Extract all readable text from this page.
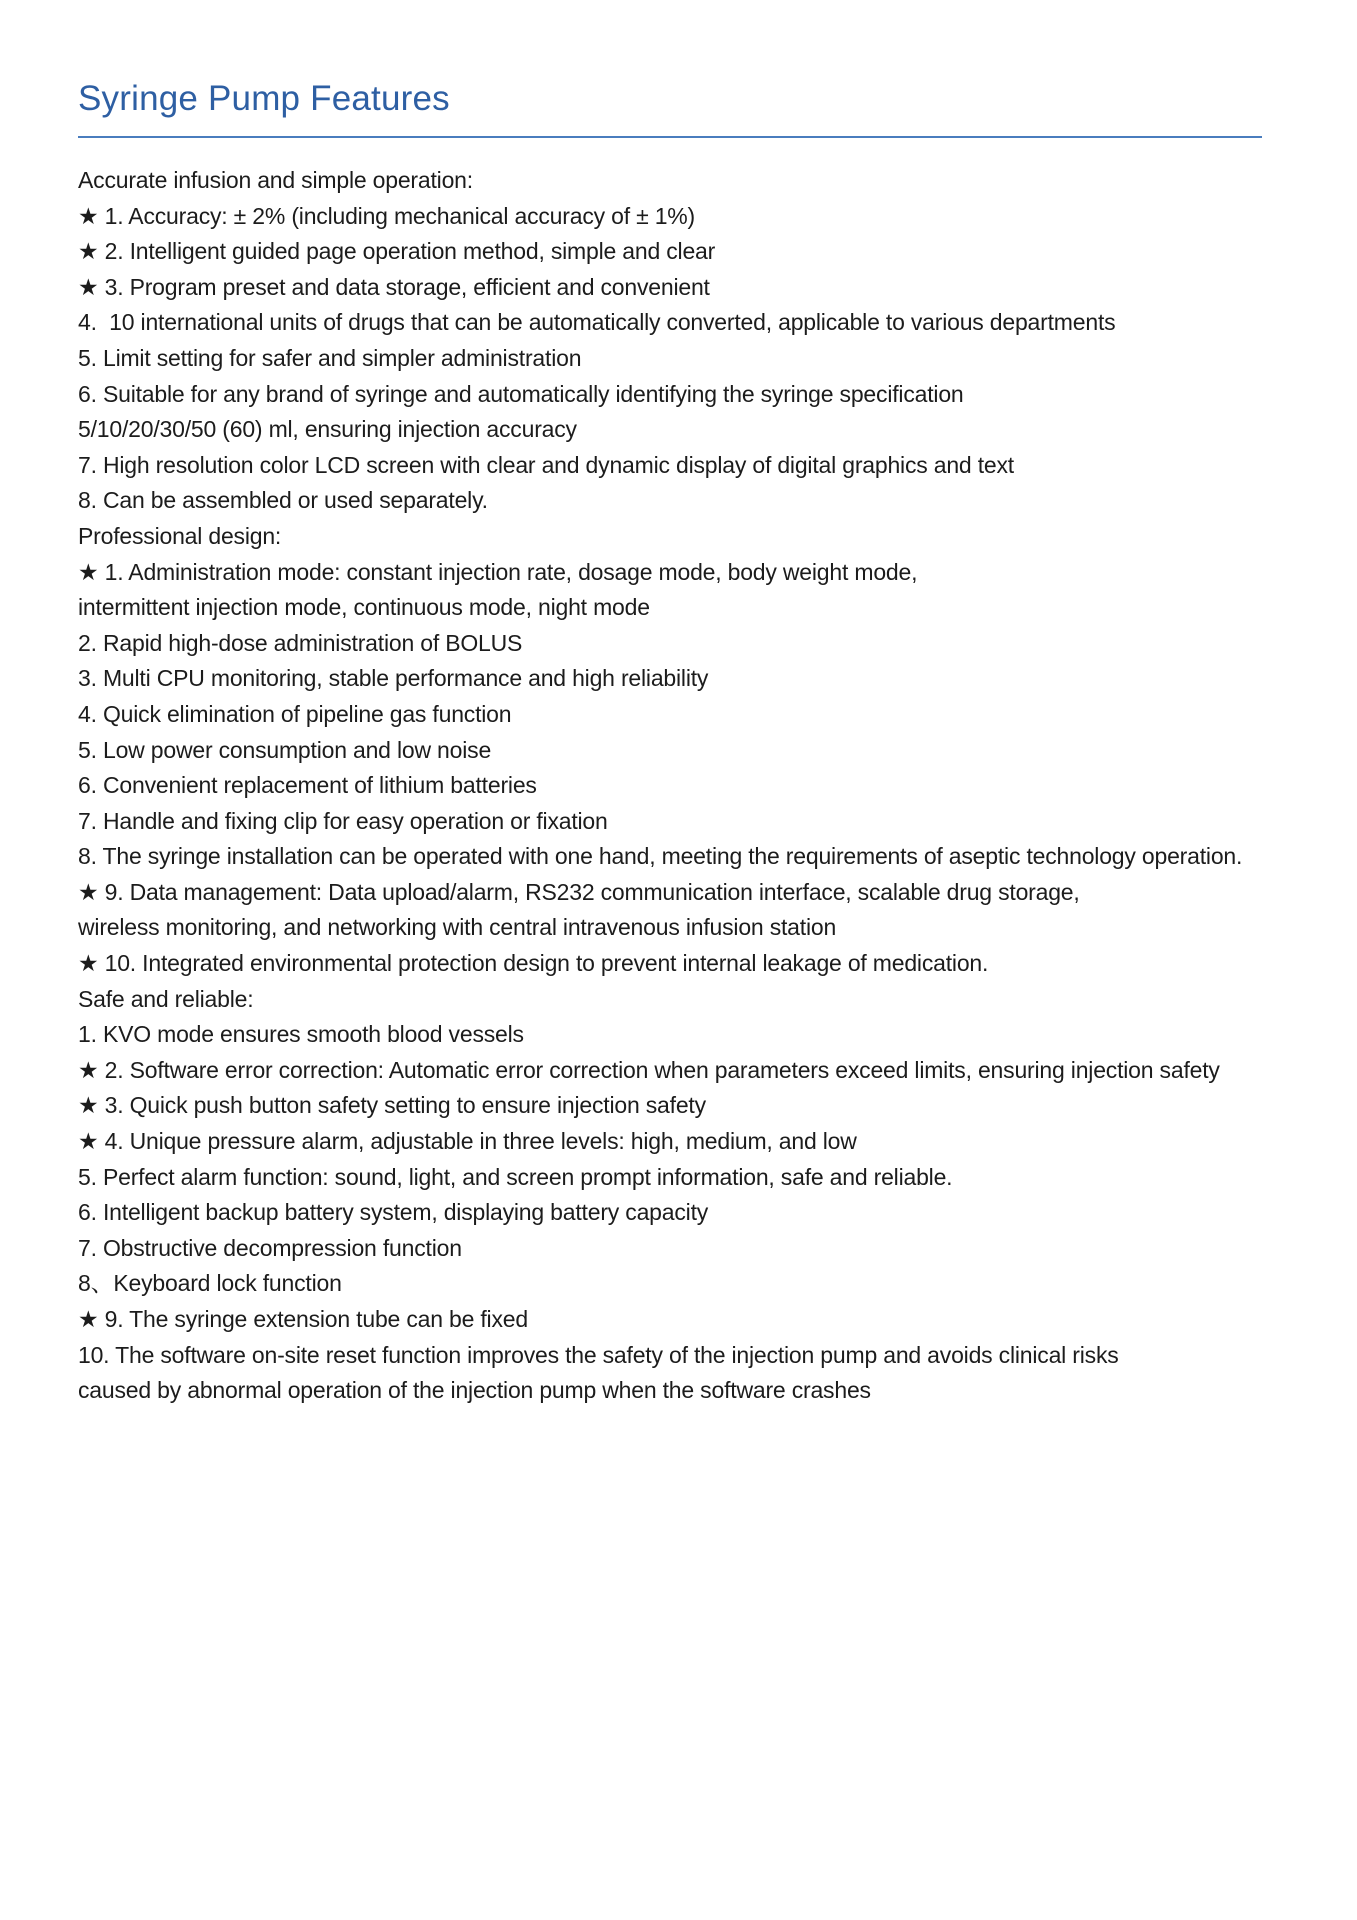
Syringe Pump Features

Accurate infusion and simple operation:

★ 1. Accuracy: ± 2% (including mechanical accuracy of ± 1%)

★ 2. Intelligent guided page operation method, simple and clear

★ 3. Program preset and data storage, efficient and convenient

4.  10 international units of drugs that can be automatically converted, applicable to various departments

5. Limit setting for safer and simpler administration

6. Suitable for any brand of syringe and automatically identifying the syringe specification

5/10/20/30/50 (60) ml, ensuring injection accuracy

7. High resolution color LCD screen with clear and dynamic display of digital graphics and text

8. Can be assembled or used separately.

Professional design:

★ 1. Administration mode: constant injection rate, dosage mode, body weight mode,

intermittent injection mode, continuous mode, night mode

2. Rapid high-dose administration of BOLUS

3. Multi CPU monitoring, stable performance and high reliability

4. Quick elimination of pipeline gas function

5. Low power consumption and low noise

6. Convenient replacement of lithium batteries

7. Handle and fixing clip for easy operation or fixation

8. The syringe installation can be operated with one hand, meeting the requirements of aseptic technology operation.

★ 9. Data management: Data upload/alarm, RS232 communication interface, scalable drug storage,

wireless monitoring, and networking with central intravenous infusion station

★ 10. Integrated environmental protection design to prevent internal leakage of medication.

Safe and reliable:

1. KVO mode ensures smooth blood vessels

★ 2. Software error correction: Automatic error correction when parameters exceed limits, ensuring injection safety

★ 3. Quick push button safety setting to ensure injection safety

★ 4. Unique pressure alarm, adjustable in three levels: high, medium, and low

5. Perfect alarm function: sound, light, and screen prompt information, safe and reliable.

6. Intelligent backup battery system, displaying battery capacity

7. Obstructive decompression function

8、Keyboard lock function

★ 9. The syringe extension tube can be fixed

10. The software on-site reset function improves the safety of the injection pump and avoids clinical risks

caused by abnormal operation of the injection pump when the software crashes
